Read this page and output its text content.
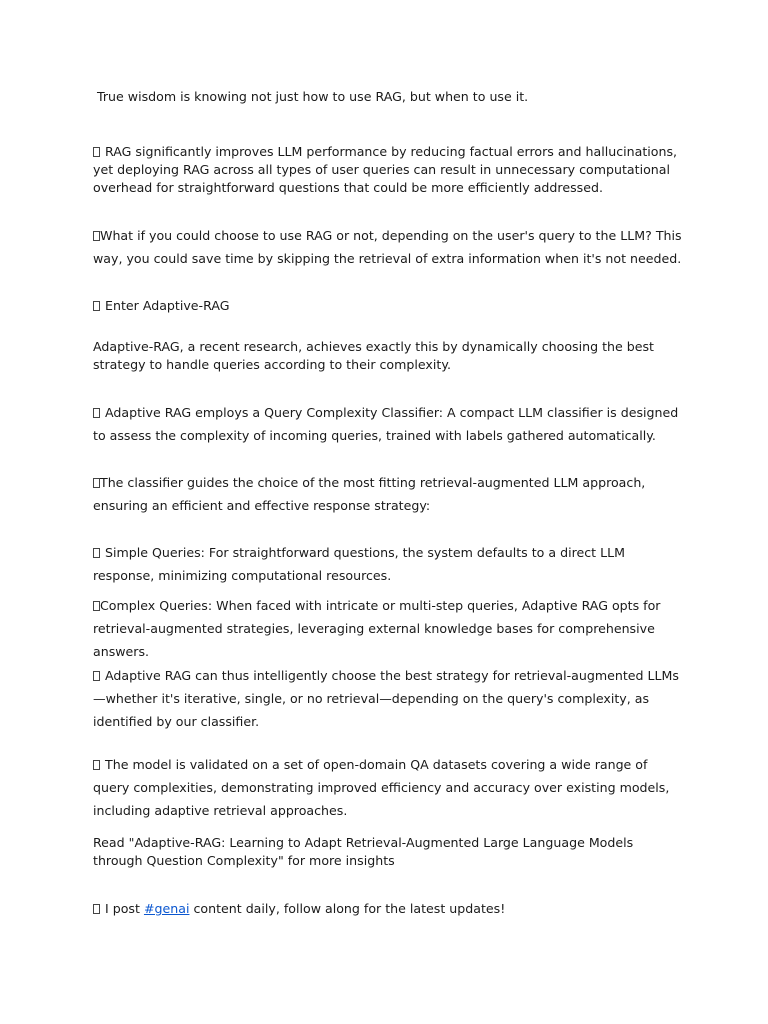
True wisdom is knowing not just how to use RAG, but when to use it.

RAG significantly improves LLM performance by reducing factual errors and hallucinations, yet deploying RAG across all types of user queries can result in unnecessary computational overhead for straightforward questions that could be more efficiently addressed.

What if you could choose to use RAG or not, depending on the user's query to the LLM? This way, you could save time by skipping the retrieval of extra information when it's not needed.

Enter Adaptive-RAG

Adaptive-RAG, a recent research, achieves exactly this by dynamically choosing the best strategy to handle queries according to their complexity.

Adaptive RAG employs a Query Complexity Classifier: A compact LLM classifier is designed to assess the complexity of incoming queries, trained with labels gathered automatically.

The classifier guides the choice of the most fitting retrieval-augmented LLM approach, ensuring an efficient and effective response strategy:

Simple Queries: For straightforward questions, the system defaults to a direct LLM response, minimizing computational resources.

Complex Queries: When faced with intricate or multi-step queries, Adaptive RAG opts for retrieval-augmented strategies, leveraging external knowledge bases for comprehensive answers.

Adaptive RAG can thus intelligently choose the best strategy for retrieval-augmented LLMs—whether it's iterative, single, or no retrieval—depending on the query's complexity, as identified by our classifier.

The model is validated on a set of open-domain QA datasets covering a wide range of query complexities, demonstrating improved efficiency and accuracy over existing models, including adaptive retrieval approaches.

Read "Adaptive-RAG: Learning to Adapt Retrieval-Augmented Large Language Models through Question Complexity" for more insights

I post #genai content daily, follow along for the latest updates!
